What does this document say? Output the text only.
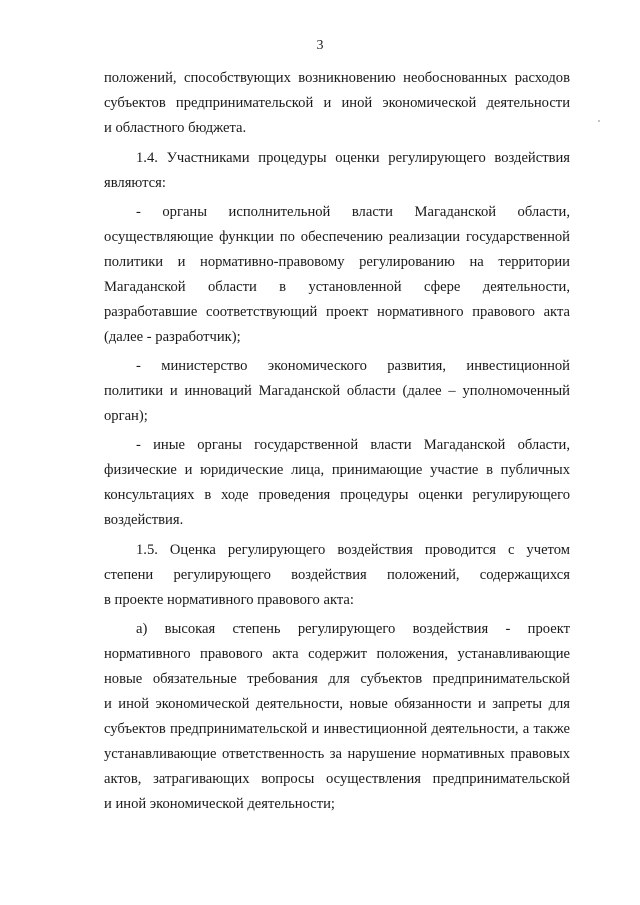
3
положений, способствующих возникновению необоснованных расходов
субъектов предпринимательской и иной экономической деятельности
и областного бюджета.
1.4. Участниками процедуры оценки регулирующего воздействия
являются:
- органы исполнительной власти Магаданской области,
осуществляющие функции по обеспечению реализации государственной
политики и нормативно-правовому регулированию на территории
Магаданской области в установленной сфере деятельности,
разработавшие соответствующий проект нормативного правового акта
(далее - разработчик);
- министерство экономического развития, инвестиционной
политики и инноваций Магаданской области (далее – уполномоченный
орган);
- иные органы государственной власти Магаданской области,
физические и юридические лица, принимающие участие в публичных
консультациях в ходе проведения процедуры оценки регулирующего
воздействия.
1.5. Оценка регулирующего воздействия проводится с учетом
степени регулирующего воздействия положений, содержащихся
в проекте нормативного правового акта:
а) высокая степень регулирующего воздействия - проект
нормативного правового акта содержит положения, устанавливающие
новые обязательные требования для субъектов предпринимательской
и иной экономической деятельности, новые обязанности и запреты для
субъектов предпринимательской и инвестиционной деятельности, а также
устанавливающие ответственность за нарушение нормативных правовых
актов, затрагивающих вопросы осуществления предпринимательской
и иной экономической деятельности;
